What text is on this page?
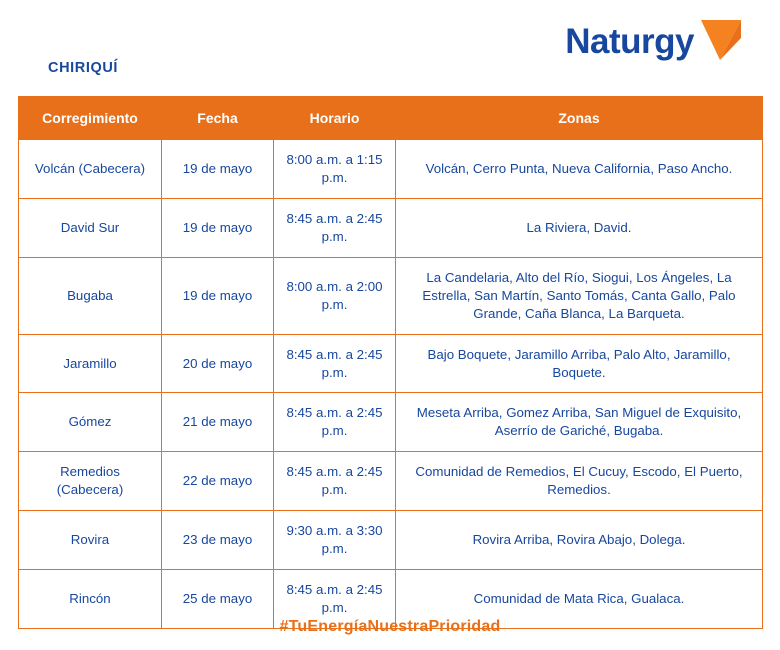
CHIRIQUÍ
Naturgy
Corregimiento	Fecha	Horario	Zonas
Volcán (Cabecera)	19 de mayo	8:00 a.m. a 1:15 p.m.	Volcán, Cerro Punta, Nueva California, Paso Ancho.
David Sur	19 de mayo	8:45 a.m. a 2:45 p.m.	La Riviera, David.
Bugaba	19 de mayo	8:00 a.m. a 2:00 p.m.	La Candelaria, Alto del Río, Siogui, Los Ángeles, La Estrella, San Martín, Santo Tomás, Canta Gallo, Palo Grande, Caña Blanca, La Barqueta.
Jaramillo	20 de mayo	8:45 a.m. a 2:45 p.m.	Bajo Boquete, Jaramillo Arriba, Palo Alto, Jaramillo, Boquete.
Gómez	21 de mayo	8:45 a.m. a 2:45 p.m.	Meseta Arriba, Gomez Arriba, San Miguel de Exquisito, Aserrío de Gariché, Bugaba.
Remedios (Cabecera)	22 de mayo	8:45 a.m. a 2:45 p.m.	Comunidad de Remedios, El Cucuy, Escodo, El Puerto, Remedios.
Rovira	23 de mayo	9:30 a.m. a 3:30 p.m.	Rovira Arriba, Rovira Abajo, Dolega.
Rincón	25 de mayo	8:45 a.m. a 2:45 p.m.	Comunidad de Mata Rica, Gualaca.
#TuEnergíaNuestraPrioridad
